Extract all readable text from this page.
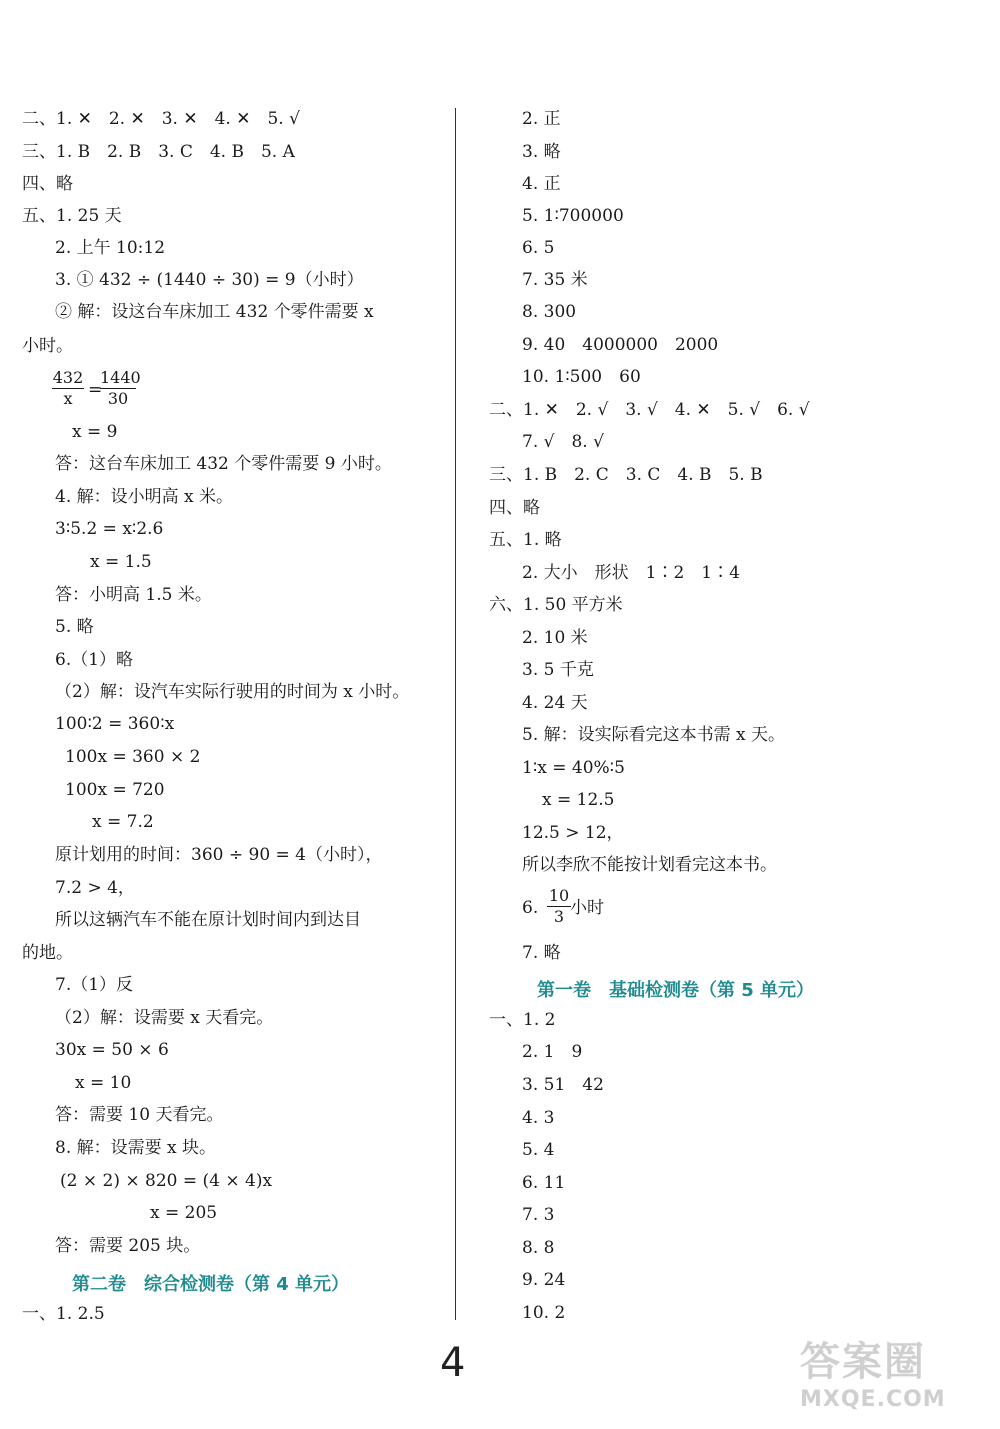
二、1. ✕　2. ✕　3. ✕　4. ✕　5. √
三、1. B　2. B　3. C　4. B　5. A
四、略
五、1. 25 天
2. 上午 10:12
3. ① 432 ÷ (1440 ÷ 30) = 9（小时）
② 解：设这台车床加工 432 个零件需要 x
小时。
$\frac{432}{x}$ =
$\frac{1440}{30}$
x = 9
答：这台车床加工 432 个零件需要 9 小时。
4. 解：设小明高 x 米。
3∶5.2 = x∶2.6
x = 1.5
答：小明高 1.5 米。
5. 略
6.（1）略
（2）解：设汽车实际行驶用的时间为 x 小时。
100∶2 = 360∶x
100x = 360 × 2
100x = 720
x = 7.2
原计划用的时间：360 ÷ 90 = 4（小时），
7.2 > 4，
所以这辆汽车不能在原计划时间内到达目
的地。
7.（1）反
（2）解：设需要 x 天看完。
30x = 50 × 6
x = 10
答：需要 10 天看完。
8. 解：设需要 x 块。
(2 × 2) × 820 = (4 × 4)x
x = 205
答：需要 205 块。
第二卷　综合检测卷（第 4 单元）
一、1. 2.5
2. 正
3. 略
4. 正
5. 1∶700000
6. 5
7. 35 米
8. 300
9. 40　4000000　2000
10. 1∶500　60
二、1. ✕　2. √　3. √　4. ✕　5. √　6. √
7. √　8. √
三、1. B　2. C　3. C　4. B　5. B
四、略
五、1. 略
2. 大小　形状　1∶2　1∶4
六、1. 50 平方米
2. 10 米
3. 5 千克
4. 24 天
5. 解：设实际看完这本书需 x 天。
1∶x = 40%∶5
x = 12.5
12.5 > 12，
所以李欣不能按计划看完这本书。
6. $\frac{10}{3}$ 小时
7. 略
第一卷　基础检测卷（第 5 单元）
一、1. 2
2. 1　9
3. 51　42
4. 3
5. 4
6. 11
7. 3
8. 8
9. 24
10. 2
4	答案圈
MXQE.COM
